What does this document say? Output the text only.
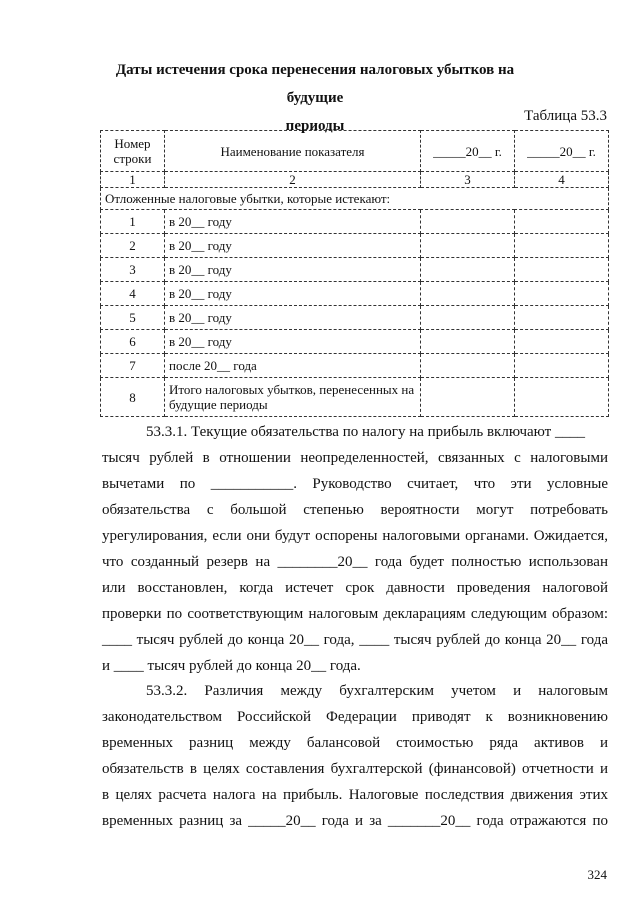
Даты истечения срока перенесения налоговых убытков на будущие
периоды
Таблица 53.3
Номер строки	Наименование показателя	_____20__ г.	_____20__ г.
1	2	3	4
Отложенные налоговые убытки, которые истекают:			
1	в 20__ году		
2	в 20__ году		
3	в 20__ году		
4	в 20__ году		
5	в 20__ году		
6	в 20__ году		
7	после 20__ года		
8	Итого налоговых убытков, перенесенных на будущие периоды		
53.3.1. Текущие обязательства по налогу на прибыль включают ____
тысяч рублей в отношении неопределенностей, связанных с налоговыми
вычетами по ___________. Руководство считает, что эти условные
обязательства с большой степенью вероятности могут потребовать
урегулирования, если они будут оспорены налоговыми органами. Ожидается,
что созданный резерв на ________20__ года будет полностью использован
или восстановлен, когда истечет срок давности проведения налоговой
проверки по соответствующим налоговым декларациям следующим образом:
____ тысяч рублей до конца 20__ года, ____ тысяч рублей до конца 20__ года
и ____ тысяч рублей до конца 20__ года.
53.3.2. Различия между бухгалтерским учетом и налоговым
законодательством Российской Федерации приводят к возникновению
временных разниц между балансовой стоимостью ряда активов и
обязательств в целях составления бухгалтерской (финансовой) отчетности и
в целях расчета налога на прибыль. Налоговые последствия движения этих
временных разниц за _____20__ года и за _______20__ года отражаются по
324
